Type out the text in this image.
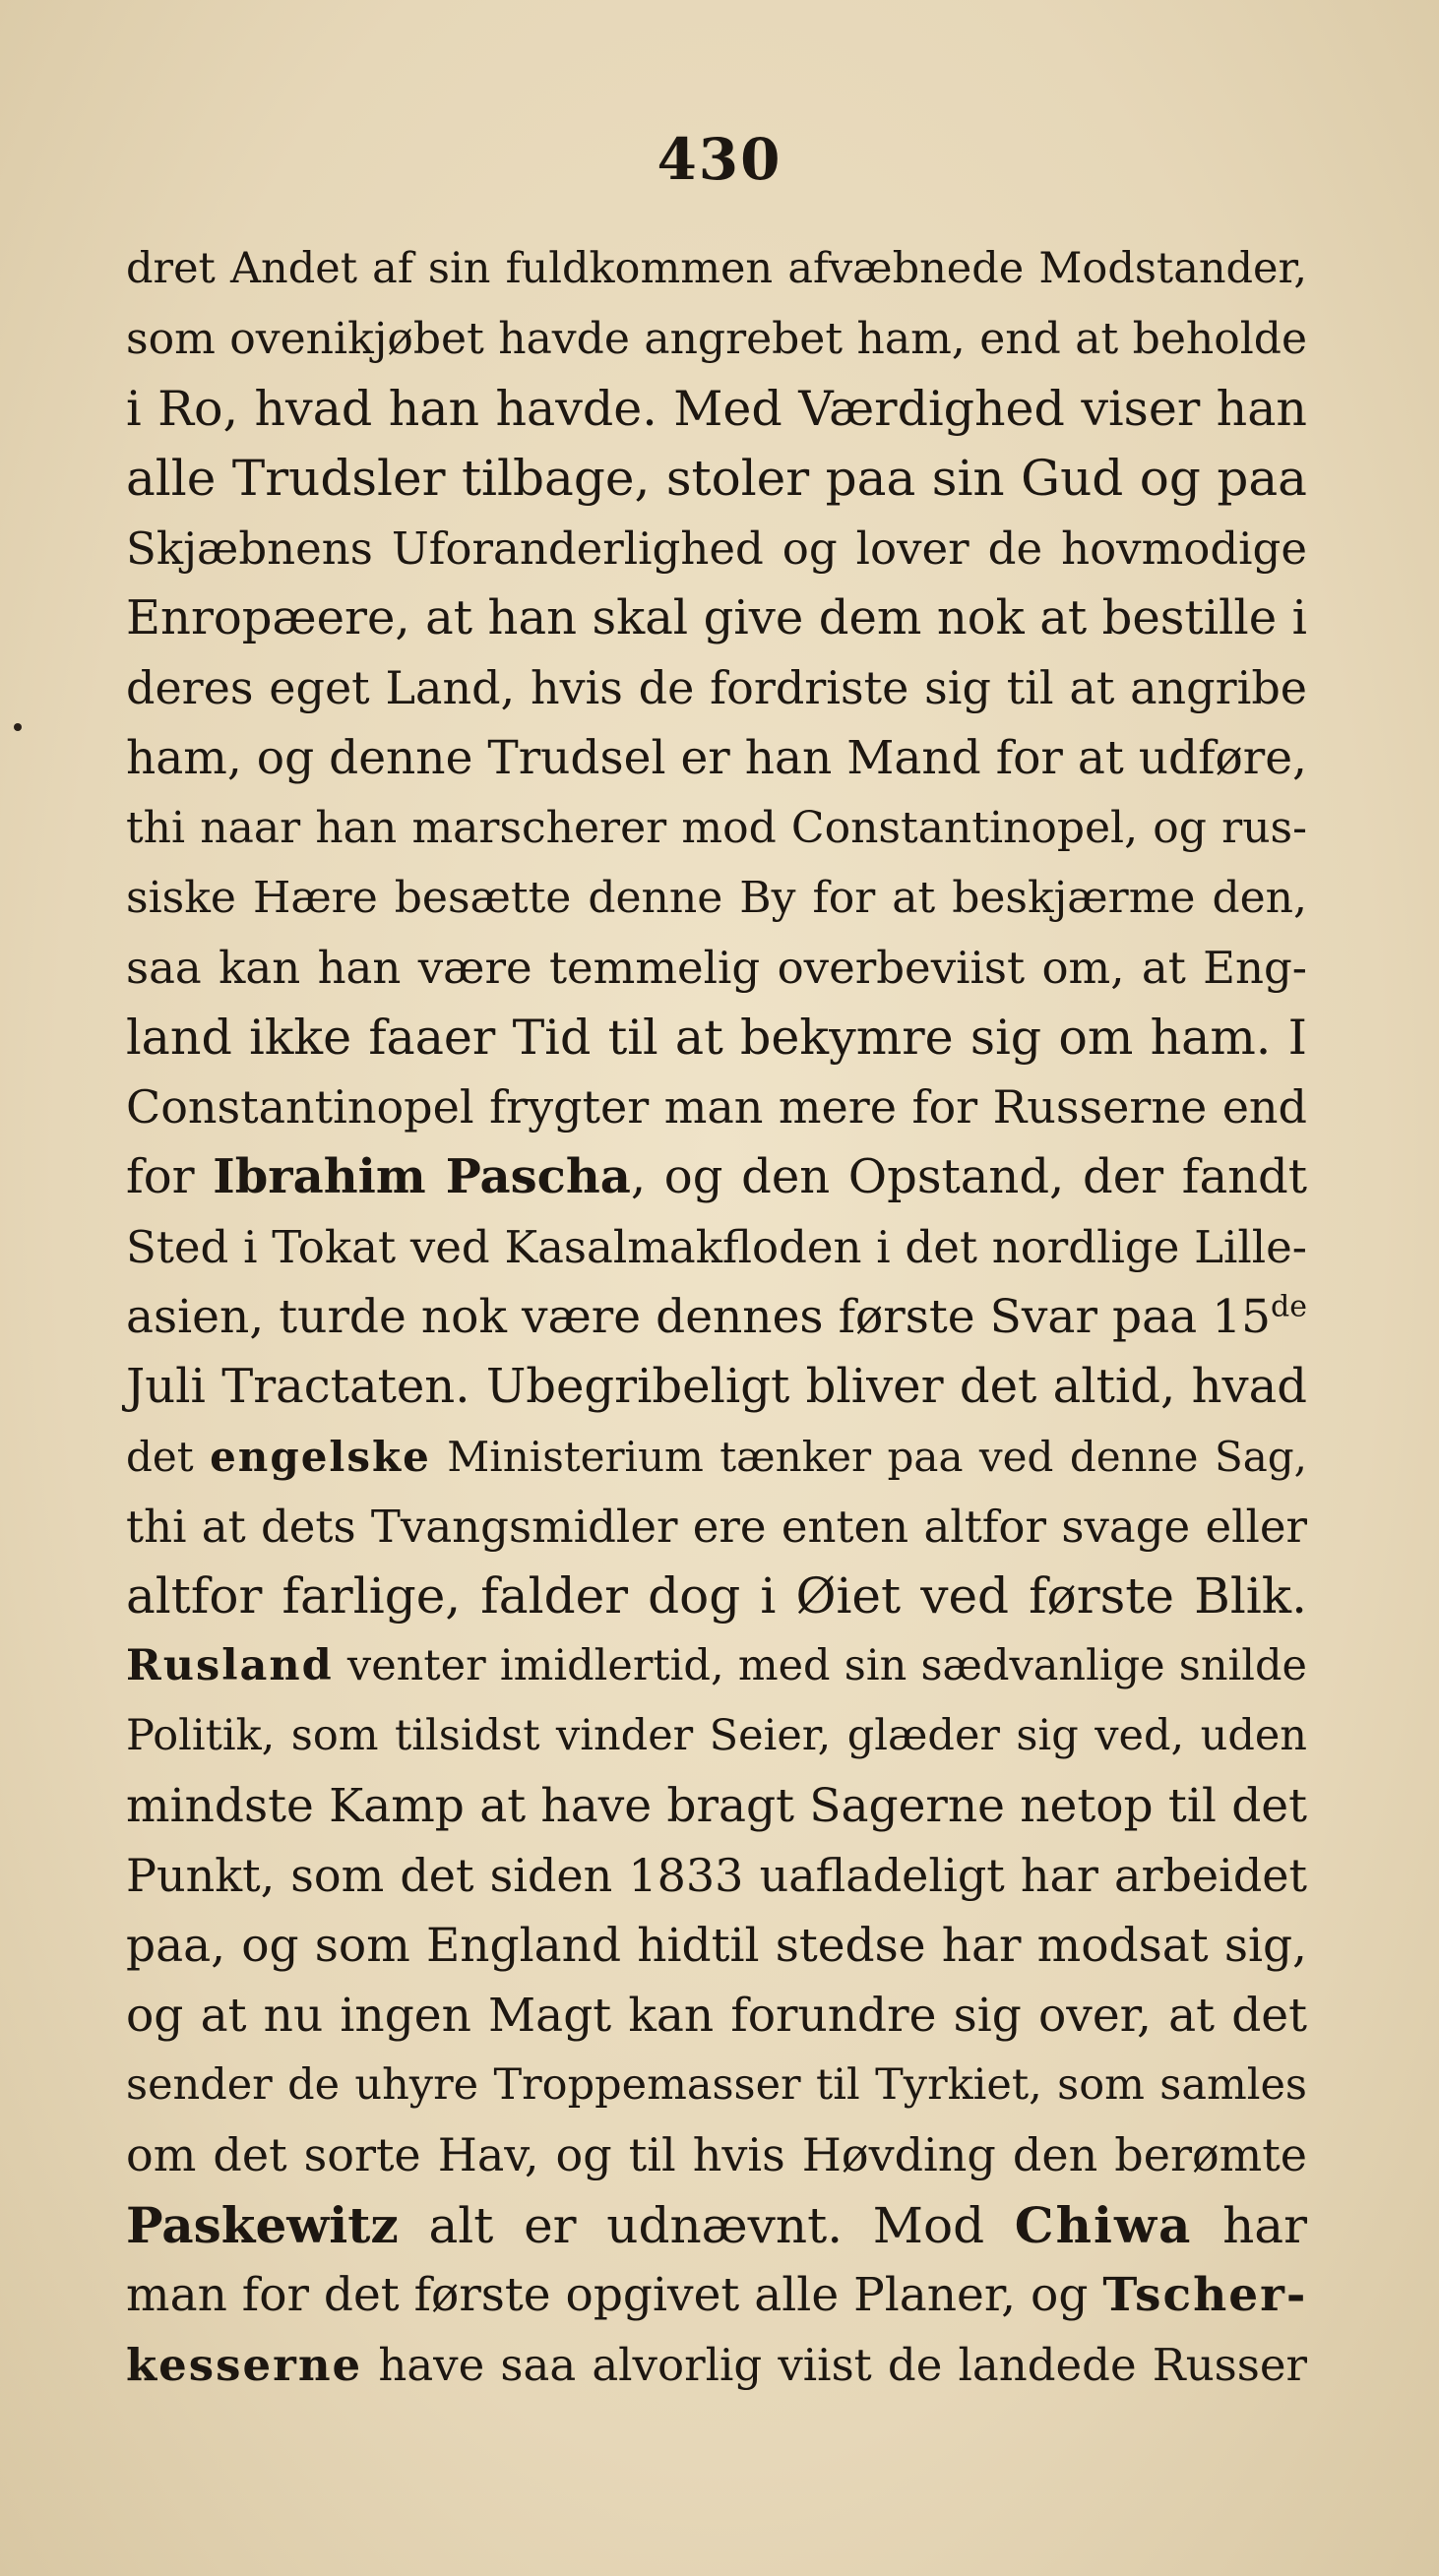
430
dret Andet af sin fuldkommen afvæbnede Modstander,
som ovenikjøbet havde angrebet ham, end at beholde
i Ro, hvad han havde. Med Værdighed viser han
alle Trudsler tilbage, stoler paa sin Gud og paa
Skjæbnens Uforanderlighed og lover de hovmodige
Enropæere, at han skal give dem nok at bestille i
deres eget Land, hvis de fordriste sig til at angribe
ham, og denne Trudsel er han Mand for at udføre,
thi naar han marscherer mod Constantinopel, og rus-
siske Hære besætte denne By for at beskjærme den,
saa kan han være temmelig overbeviist om, at Eng-
land ikke faaer Tid til at bekymre sig om ham. I
Constantinopel frygter man mere for Russerne end
for Ibrahim Pascha, og den Opstand, der fandt
Sted i Tokat ved Kasalmakfloden i det nordlige Lille-
asien, turde nok være dennes første Svar paa 15de
Juli Tractaten. Ubegribeligt bliver det altid, hvad
det engelske Ministerium tænker paa ved denne Sag,
thi at dets Tvangsmidler ere enten altfor svage eller
altfor farlige, falder dog i Øiet ved første Blik.
Rusland venter imidlertid, med sin sædvanlige snilde
Politik, som tilsidst vinder Seier, glæder sig ved, uden
mindste Kamp at have bragt Sagerne netop til det
Punkt, som det siden 1833 uafladeligt har arbeidet
paa, og som England hidtil stedse har modsat sig,
og at nu ingen Magt kan forundre sig over, at det
sender de uhyre Troppemasser til Tyrkiet, som samles
om det sorte Hav, og til hvis Høvding den berømte
Paskewitz alt er udnævnt. Mod Chiwa har
man for det første opgivet alle Planer, og Tscher-
kesserne have saa alvorlig viist de landede Russer
